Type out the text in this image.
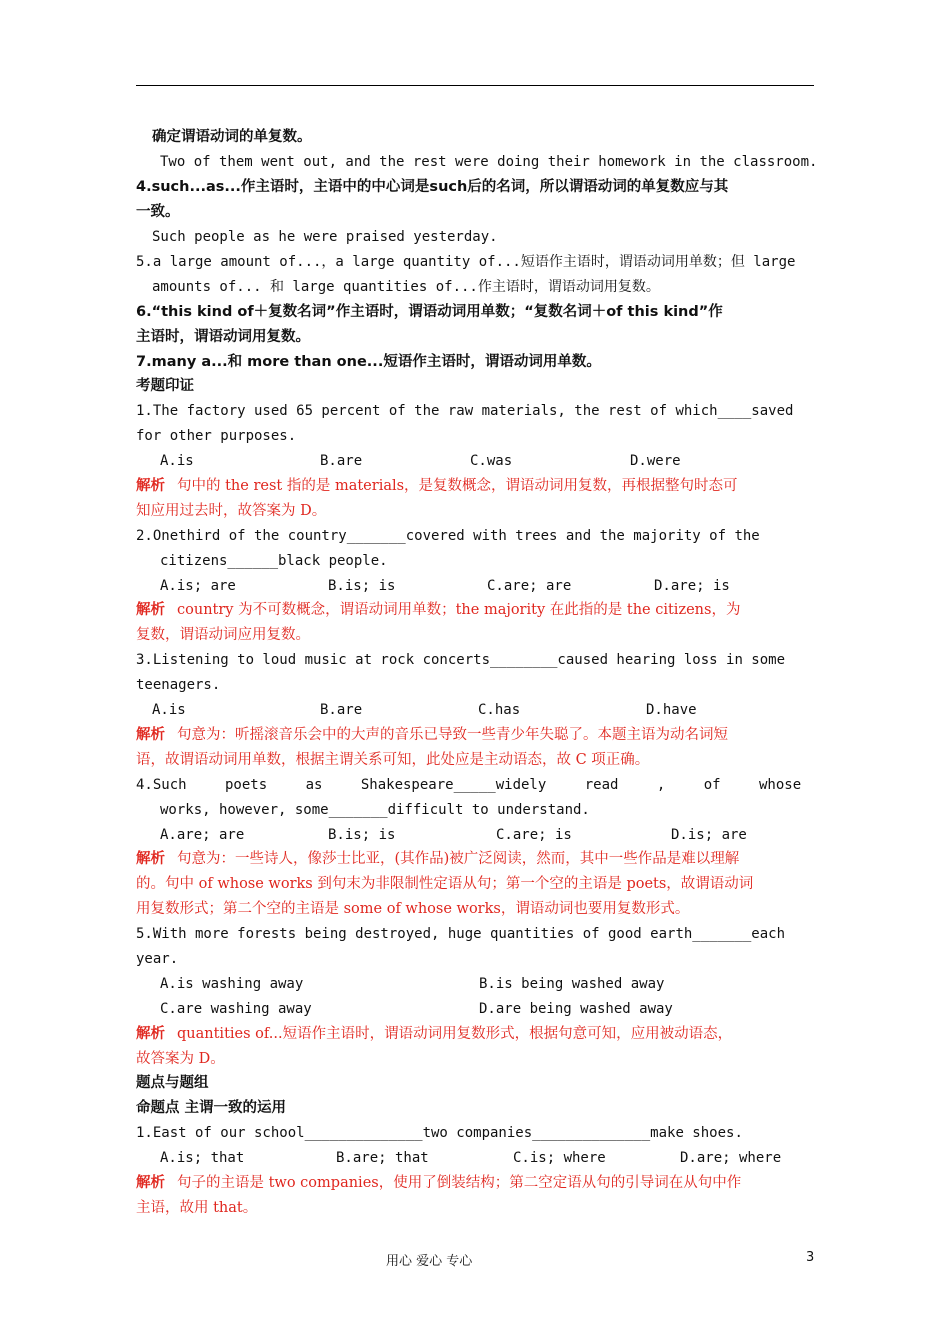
确定谓语动词的单复数。
Two of them went out, and the rest were doing their homework in the classroom.
4.such...as...作主语时，主语中的中心词是such后的名词，所以谓语动词的单复数应与其
一致。
Such people as he were praised yesterday.
5.a large amount of...，a large quantity of...短语作主语时，谓语动词用单数；但 large
amounts of... 和 large quantities of...作主语时，谓语动词用复数。
6.“this kind of＋复数名词”作主语时，谓语动词用单数；“复数名词＋of this kind”作
主语时，谓语动词用复数。
7.many a...和 more than one...短语作主语时，谓语动词用单数。
考题印证
1.The factory used 65 percent of the raw materials, the rest of which____saved
for other purposes.
A.is	B.are	C.was	D.were
解析 句中的 the rest 指的是 materials，是复数概念，谓语动词用复数，再根据整句时态可
知应用过去时，故答案为 D。
2.Onethird of the country_______covered with trees and the majority of the
citizens______black people.
A.is; are	B.is; is	C.are; are	D.are; is
解析 country 为不可数概念，谓语动词用单数；the majority 在此指的是 the citizens，为
复数，谓语动词应用复数。
3.Listening to loud music at rock concerts________caused hearing loss in some
teenagers.
A.is	B.are	C.has	D.have
解析 句意为：听摇滚音乐会中的大声的音乐已导致一些青少年失聪了。本题主语为动名词短
语，故谓语动词用单数，根据主谓关系可知，此处应是主动语态，故 C 项正确。
4.Such poets as Shakespeare_____widely read , of whose
works, however, some_______difficult to understand.
A.are; are	B.is; is	C.are; is	D.is; are
解析 句意为：一些诗人，像莎士比亚，(其作品)被广泛阅读，然而，其中一些作品是难以理解
的。句中 of whose works 到句末为非限制性定语从句；第一个空的主语是 poets，故谓语动词
用复数形式；第二个空的主语是 some of whose works，谓语动词也要用复数形式。
5.With more forests being destroyed, huge quantities of good earth_______each
year.
A.is washing away	B.is being washed away
C.are washing away	D.are being washed away
解析 quantities of...短语作主语时，谓语动词用复数形式，根据句意可知，应用被动语态，
故答案为 D。
题点与题组
命题点 主谓一致的运用
1.East of our school______________two companies______________make shoes.
A.is; that	B.are; that	C.is; where	D.are; where
解析 句子的主语是 two companies，使用了倒装结构；第二空定语从句的引导词在从句中作
主语，故用 that。
用心 爱心 专心	3
